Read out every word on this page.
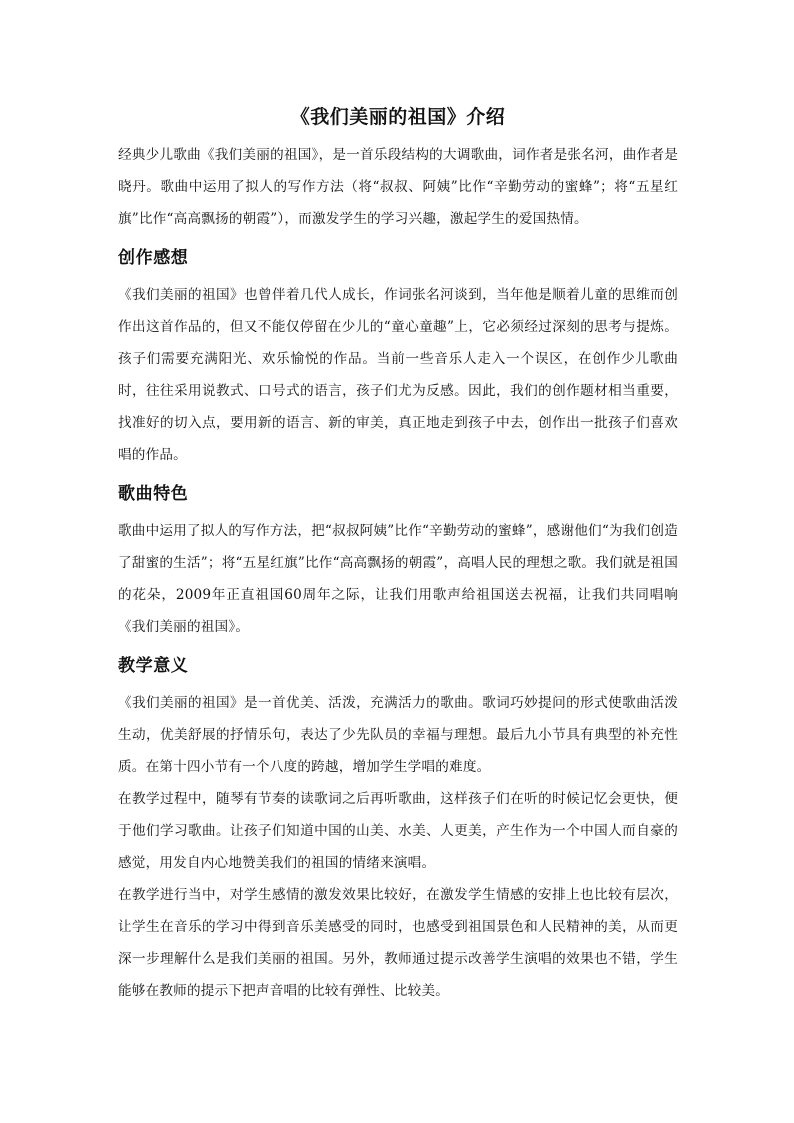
《我们美丽的祖国》介绍

经典少儿歌曲《我们美丽的祖国》，是一首乐段结构的大调歌曲，词作者是张名河，曲作者是晓丹。歌曲中运用了拟人的写作方法（将“叔叔、阿姨”比作“辛勤劳动的蜜蜂”；将“五星红旗”比作“高高飘扬的朝霞”），而激发学生的学习兴趣，激起学生的爱国热情。

创作感想

《我们美丽的祖国》也曾伴着几代人成长，作词张名河谈到，当年他是顺着儿童的思维而创作出这首作品的，但又不能仅停留在少儿的“童心童趣”上，它必须经过深刻的思考与提炼。孩子们需要充满阳光、欢乐愉悦的作品。当前一些音乐人走入一个误区，在创作少儿歌曲时，往往采用说教式、口号式的语言，孩子们尤为反感。因此，我们的创作题材相当重要，找准好的切入点，要用新的语言、新的审美，真正地走到孩子中去，创作出一批孩子们喜欢唱的作品。

歌曲特色

歌曲中运用了拟人的写作方法，把“叔叔阿姨”比作“辛勤劳动的蜜蜂”，感谢他们“为我们创造了甜蜜的生活”；将“五星红旗”比作“高高飘扬的朝霞”，高唱人民的理想之歌。我们就是祖国的花朵，2009年正直祖国60周年之际，让我们用歌声给祖国送去祝福，让我们共同唱响《我们美丽的祖国》。

教学意义

《我们美丽的祖国》是一首优美、活泼，充满活力的歌曲。歌词巧妙提问的形式使歌曲活泼生动，优美舒展的抒情乐句，表达了少先队员的幸福与理想。最后九小节具有典型的补充性质。在第十四小节有一个八度的跨越，增加学生学唱的难度。

在教学过程中，随琴有节奏的读歌词之后再听歌曲，这样孩子们在听的时候记忆会更快，便于他们学习歌曲。让孩子们知道中国的山美、水美、人更美，产生作为一个中国人而自豪的感觉，用发自内心地赞美我们的祖国的情绪来演唱。

在教学进行当中，对学生感情的激发效果比较好，在激发学生情感的安排上也比较有层次，让学生在音乐的学习中得到音乐美感受的同时，也感受到祖国景色和人民精神的美，从而更深一步理解什么是我们美丽的祖国。另外，教师通过提示改善学生演唱的效果也不错，学生能够在教师的提示下把声音唱的比较有弹性、比较美。
